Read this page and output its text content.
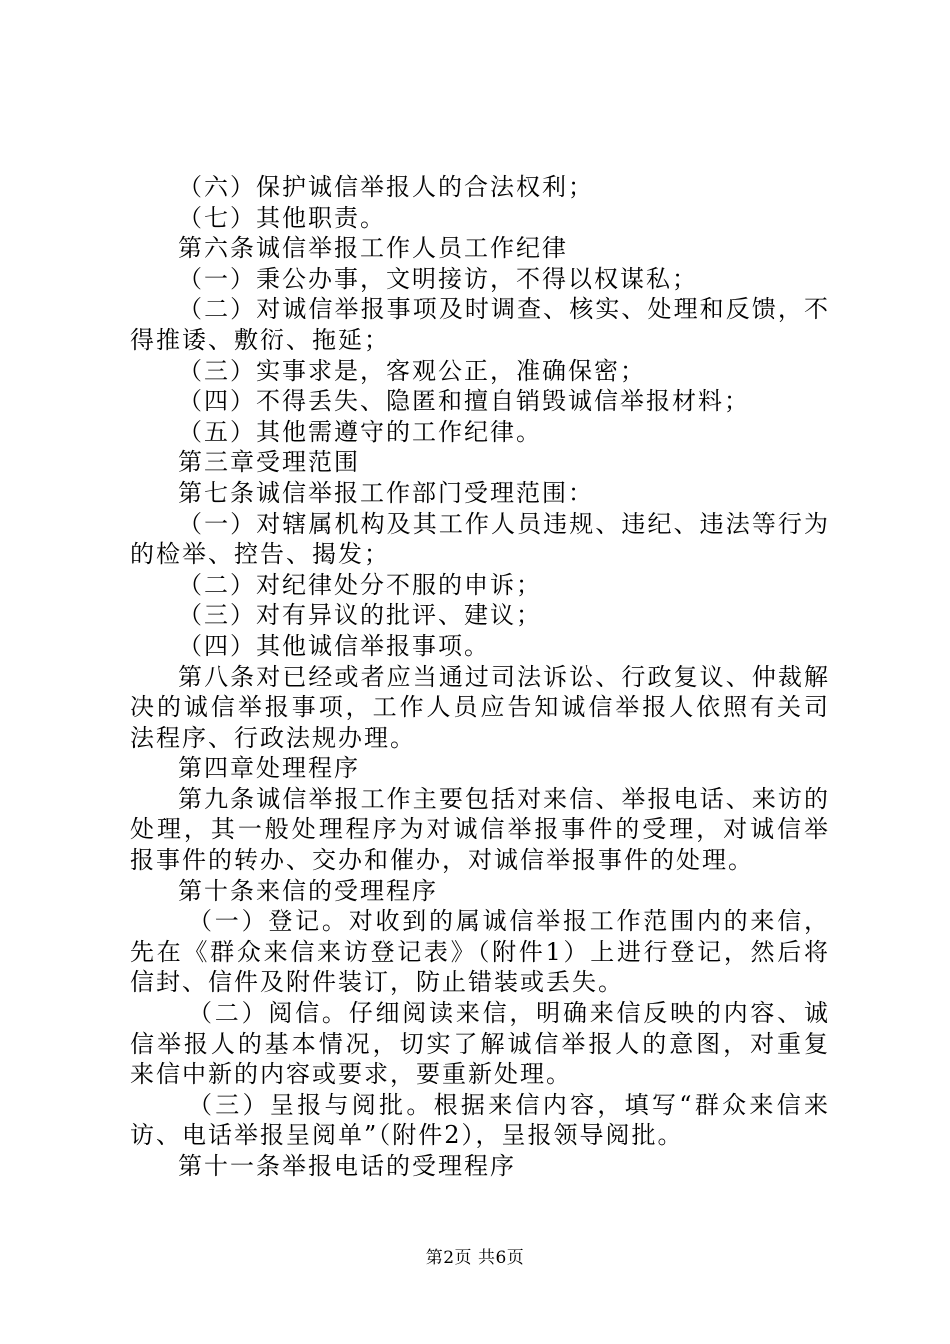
（六）保护诚信举报人的合法权利；

（七）其他职责。

第六条诚信举报工作人员工作纪律

（一）秉公办事，文明接访，不得以权谋私；

（二）对诚信举报事项及时调查、核实、处理和反馈，不得推诿、敷衍、拖延；

（三）实事求是，客观公正，准确保密；

（四）不得丢失、隐匿和擅自销毁诚信举报材料；

（五）其他需遵守的工作纪律。

第三章受理范围

第七条诚信举报工作部门受理范围：

（一）对辖属机构及其工作人员违规、违纪、违法等行为的检举、控告、揭发；

（二）对纪律处分不服的申诉；

（三）对有异议的批评、建议；

（四）其他诚信举报事项。

第八条对已经或者应当通过司法诉讼、行政复议、仲裁解决的诚信举报事项，工作人员应告知诚信举报人依照有关司法程序、行政法规办理。

第四章处理程序

第九条诚信举报工作主要包括对来信、举报电话、来访的处理，其一般处理程序为对诚信举报事件的受理，对诚信举报事件的转办、交办和催办，对诚信举报事件的处理。

第十条来信的受理程序

（一）登记。对收到的属诚信举报工作范围内的来信，先在《群众来信来访登记表》（附件1）上进行登记，然后将信封、信件及附件装订，防止错装或丢失。

（二）阅信。仔细阅读来信，明确来信反映的内容、诚信举报人的基本情况，切实了解诚信举报人的意图，对重复来信中新的内容或要求，要重新处理。

（三）呈报与阅批。根据来信内容，填写“群众来信来访、电话举报呈阅单”（附件2），呈报领导阅批。

第十一条举报电话的受理程序

第2页 共6页
